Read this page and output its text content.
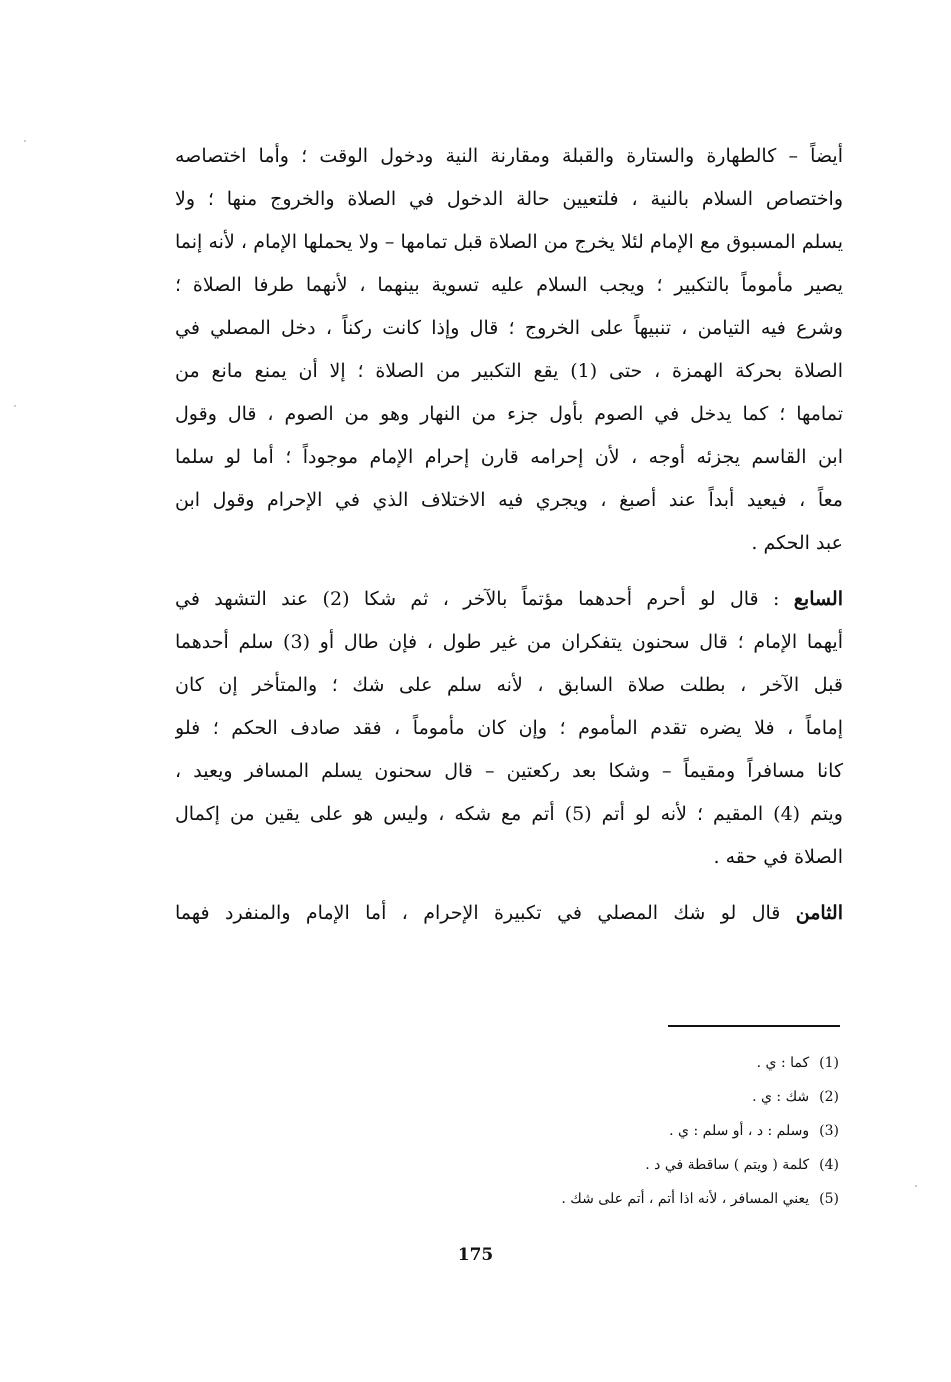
أيضاً – كالطهارة والستارة والقبلة ومقارنة النية ودخول الوقت ؛ وأما اختصاصه
واختصاص السلام بالنية ، فلتعيين حالة الدخول في الصلاة والخروج منها ؛ ولا
يسلم المسبوق مع الإمام لئلا يخرج من الصلاة قبل تمامها – ولا يحملها الإمام ، لأنه إنما
يصير مأموماً بالتكبير ؛ ويجب السلام عليه تسوية بينهما ، لأنهما طرفا الصلاة ؛
وشرع فيه التيامن ، تنبيهاً على الخروج ؛ قال وإذا كانت ركناً ، دخل المصلي في
الصلاة بحركة الهمزة ، حتى (1) يقع التكبير من الصلاة ؛ إلا أن يمنع مانع من
تمامها ؛ كما يدخل في الصوم بأول جزء من النهار وهو من الصوم ، قال وقول
ابن القاسم يجزئه أوجه ، لأن إحرامه قارن إحرام الإمام موجوداً ؛ أما لو سلما
معاً ، فيعيد أبداً عند أصبغ ، ويجري فيه الاختلاف الذي في الإحرام وقول ابن
عبد الحكم .
السابع : قال لو أحرم أحدهما مؤتماً بالآخر ، ثم شكا (2) عند التشهد في
أيهما الإمام ؛ قال سحنون يتفكران من غير طول ، فإن طال أو (3) سلم أحدهما
قبل الآخر ، بطلت صلاة السابق ، لأنه سلم على شك ؛ والمتأخر إن كان
إماماً ، فلا يضره تقدم المأموم ؛ وإن كان مأموماً ، فقد صادف الحكم ؛ فلو
كانا مسافراً ومقيماً – وشكا بعد ركعتين – قال سحنون يسلم المسافر ويعيد ،
ويتم (4) المقيم ؛ لأنه لو أتم (5) أتم مع شكه ، وليس هو على يقين من إكمال
الصلاة في حقه .
الثامن قال لو شك المصلي في تكبيرة الإحرام ، أما الإمام والمنفرد فهما
(1)كما : ي .
(2)شك : ي .
(3)وسلم : د ، أو سلم : ي .
(4)كلمة ( ويتم ) ساقطة في د .
(5)يعني المسافر ، لأنه اذا أتم ، أتم على شك .
175
